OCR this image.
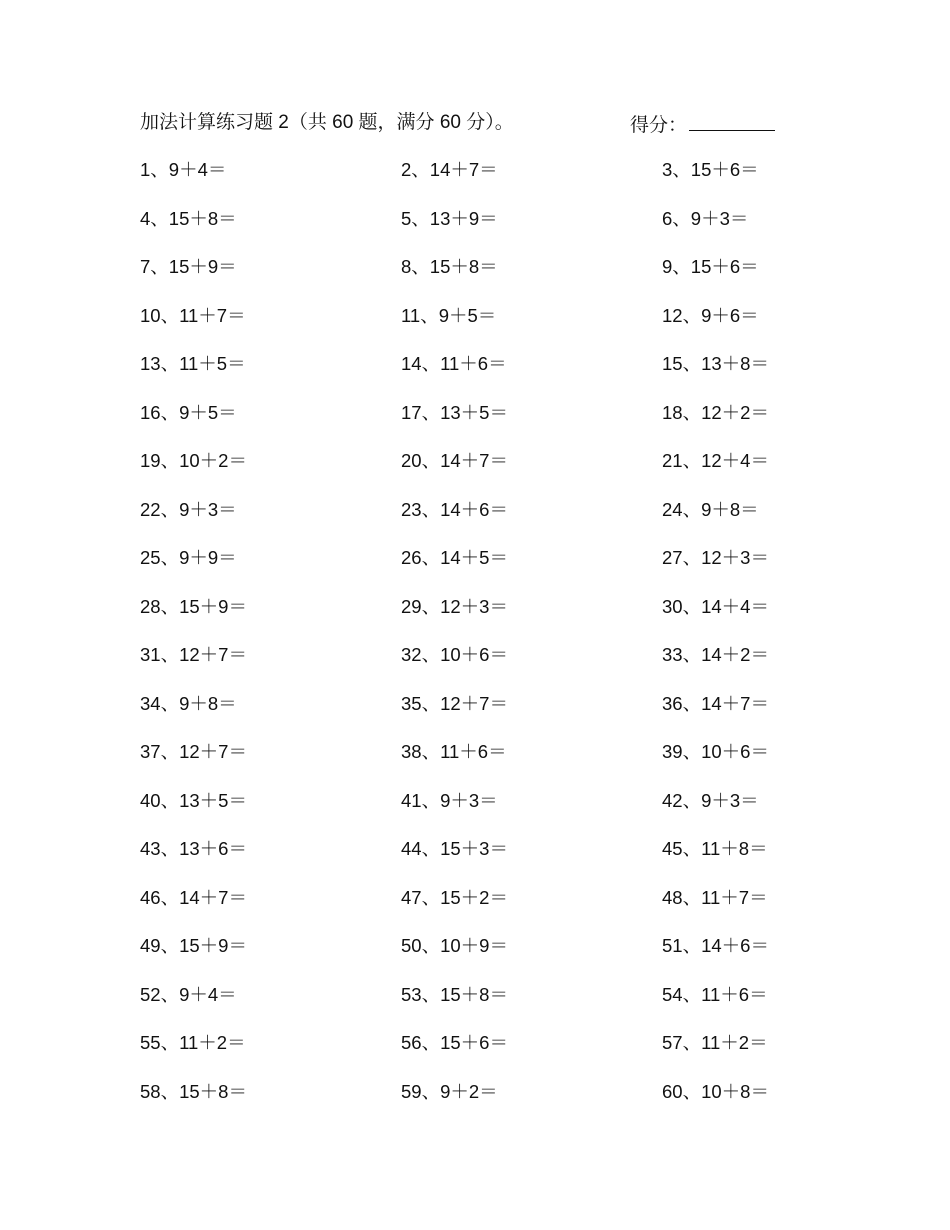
加法计算练习题 2（共 60 题，满分 60 分）。	得分：
1、9＋4＝	2、14＋7＝	3、15＋6＝
4、15＋8＝	5、13＋9＝	6、9＋3＝
7、15＋9＝	8、15＋8＝	9、15＋6＝
10、11＋7＝	11、9＋5＝	12、9＋6＝
13、11＋5＝	14、11＋6＝	15、13＋8＝
16、9＋5＝	17、13＋5＝	18、12＋2＝
19、10＋2＝	20、14＋7＝	21、12＋4＝
22、9＋3＝	23、14＋6＝	24、9＋8＝
25、9＋9＝	26、14＋5＝	27、12＋3＝
28、15＋9＝	29、12＋3＝	30、14＋4＝
31、12＋7＝	32、10＋6＝	33、14＋2＝
34、9＋8＝	35、12＋7＝	36、14＋7＝
37、12＋7＝	38、11＋6＝	39、10＋6＝
40、13＋5＝	41、9＋3＝	42、9＋3＝
43、13＋6＝	44、15＋3＝	45、11＋8＝
46、14＋7＝	47、15＋2＝	48、11＋7＝
49、15＋9＝	50、10＋9＝	51、14＋6＝
52、9＋4＝	53、15＋8＝	54、11＋6＝
55、11＋2＝	56、15＋6＝	57、11＋2＝
58、15＋8＝	59、9＋2＝	60、10＋8＝
